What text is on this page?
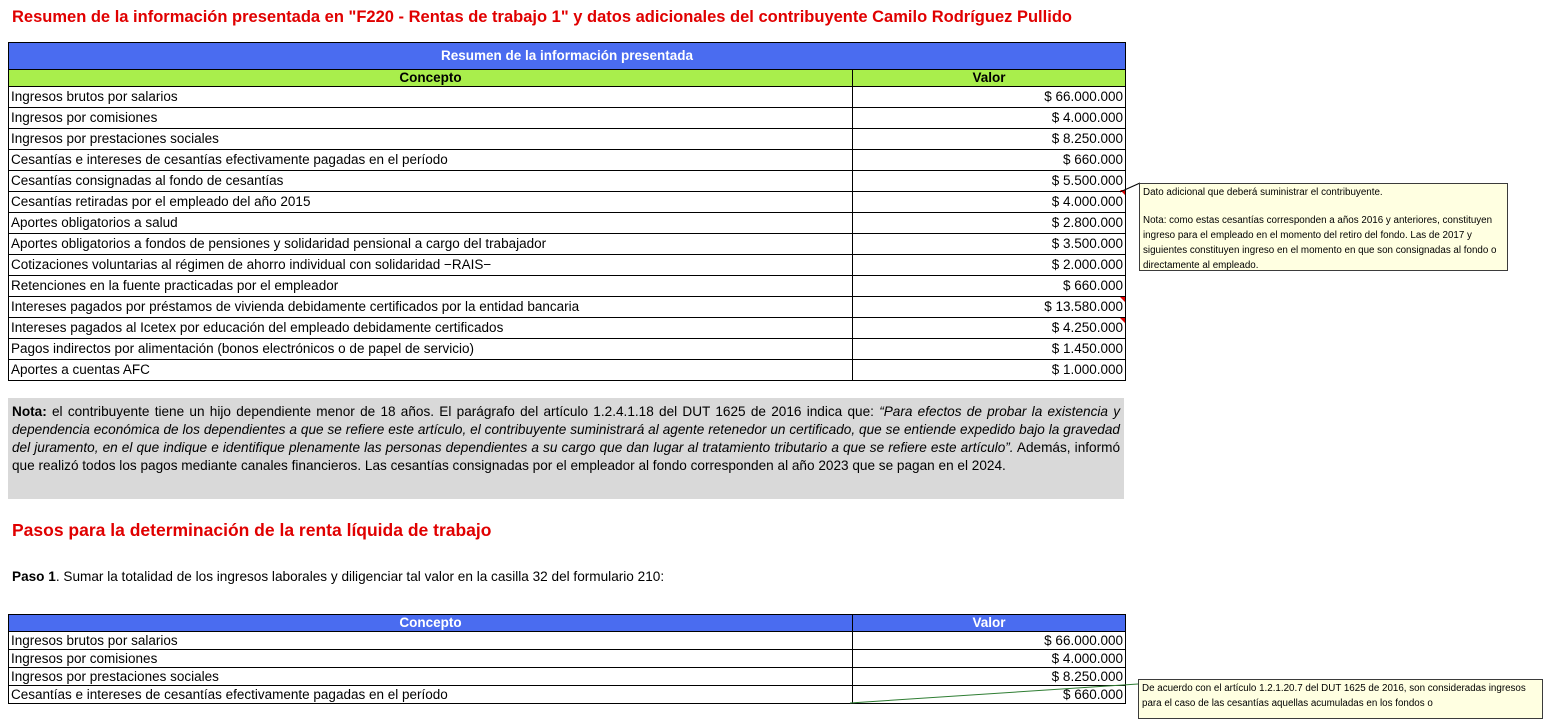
Resumen de la información presentada en "F220 - Rentas de trabajo 1" y datos adicionales del contribuyente Camilo Rodríguez Pullido
Resumen de la información presentada	
Concepto	Valor
Ingresos brutos por salarios	$ 66.000.000
Ingresos por comisiones	$ 4.000.000
Ingresos por prestaciones sociales	$ 8.250.000
Cesantías e intereses de cesantías efectivamente pagadas en el período	$ 660.000
Cesantías consignadas al fondo de cesantías	$ 5.500.000
Cesantías retiradas por el empleado del año 2015	$ 4.000.000
Aportes obligatorios a salud	$ 2.800.000
Aportes obligatorios a fondos de pensiones y solidaridad pensional a cargo del trabajador	$ 3.500.000
Cotizaciones voluntarias al régimen de ahorro individual con solidaridad −RAIS−	$ 2.000.000
Retenciones en la fuente practicadas por el empleador	$ 660.000
Intereses pagados por préstamos de vivienda debidamente certificados por la entidad bancaria	$ 13.580.000
Intereses pagados al Icetex por educación del empleado debidamente certificados	$ 4.250.000
Pagos indirectos por alimentación (bonos electrónicos o de papel de servicio)	$ 1.450.000
Aportes a cuentas AFC	$ 1.000.000
Dato adicional que deberá suministrar el contribuyente.
Nota: como estas cesantías corresponden a años 2016 y anteriores, constituyen ingreso para el empleado en el momento del retiro del fondo. Las de 2017 y siguientes constituyen ingreso en el momento en que son consignadas al fondo o directamente al empleado.
Nota: el contribuyente tiene un hijo dependiente menor de 18 años. El parágrafo del artículo 1.2.4.1.18 del DUT 1625 de 2016 indica que: “Para efectos de probar la existencia y dependencia económica de los dependientes a que se refiere este artículo, el contribuyente suministrará al agente retenedor un certificado, que se entiende expedido bajo la gravedad del juramento, en el que indique e identifique plenamente las personas dependientes a su cargo que dan lugar al tratamiento tributario a que se refiere este artículo”. Además, informó que realizó todos los pagos mediante canales financieros. Las cesantías consignadas por el empleador al fondo corresponden al año 2023 que se pagan en el 2024.
Pasos para la determinación de la renta líquida de trabajo
Paso 1. Sumar la totalidad de los ingresos laborales y diligenciar tal valor en la casilla 32 del formulario 210:
Concepto	Valor
Ingresos brutos por salarios	$ 66.000.000
Ingresos por comisiones	$ 4.000.000
Ingresos por prestaciones sociales	$ 8.250.000
Cesantías e intereses de cesantías efectivamente pagadas en el período	$ 660.000 De acuerdo con el artículo 1.2.1.20.7 del DUT 1625 de 2016, son consideradas ingresos para el caso de las cesantías aquellas acumuladas en los fondos o
